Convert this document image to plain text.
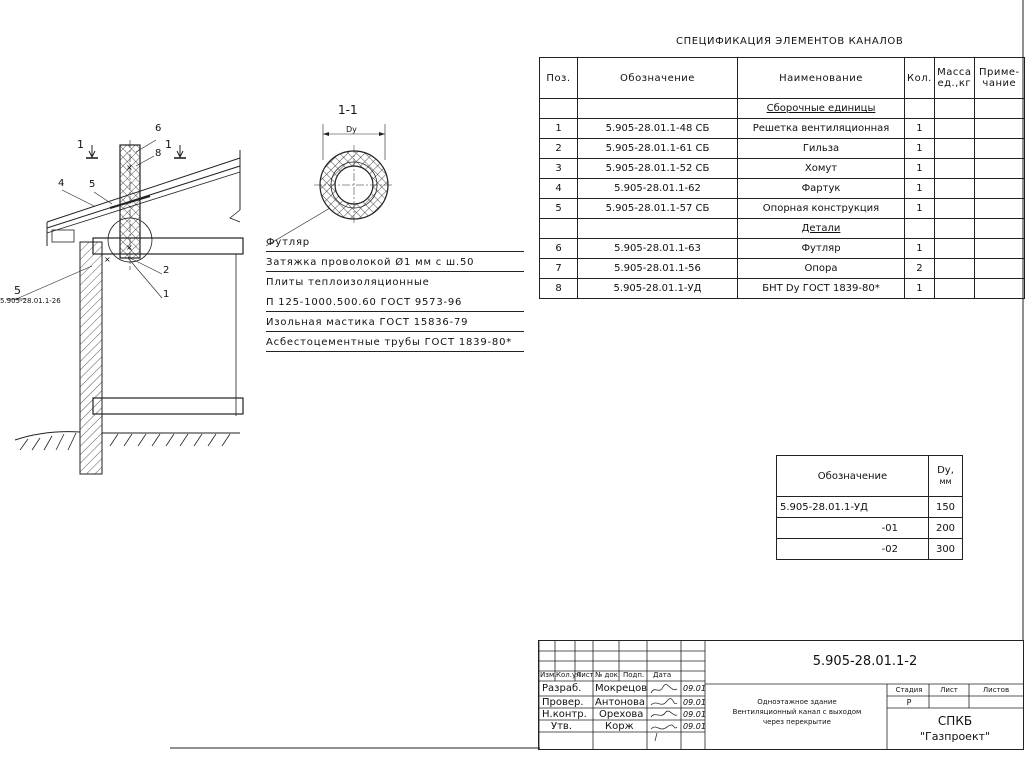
×
×
×
1-1
Dy
6
8
4 5
2
1
1	1
5
5.905-28.01.1-26
Футляр
Затяжка проволокой Ø1 мм с ш.50
Плиты теплоизоляционные
П 125-1000.500.60 ГОСТ 9573-96
Изольная мастика ГОСТ 15836-79
Асбестоцементные трубы ГОСТ 1839-80*
СПЕЦИФИКАЦИЯ ЭЛЕМЕНТОВ КАНАЛОВ
Поз.	Обозначение	Наименование	Кол.	Масса
ед.,кг	Приме-
чание
		Сборочные единицы			
1	5.905-28.01.1-48 СБ	Решетка вентиляционная	1		
2	5.905-28.01.1-61 СБ	Гильза	1		
3	5.905-28.01.1-52 СБ	Хомут	1		
4	5.905-28.01.1-62	Фартук	1		
5	5.905-28.01.1-57 СБ	Опорная конструкция	1		
		Детали			
6	5.905-28.01.1-63	Футляр	1		
7	5.905-28.01.1-56	Опора	2		
8	5.905-28.01.1-УД	БНТ Dy ГОСТ 1839-80*	1		
Обозначение	Dy,
мм
5.905-28.01.1-УД	150
-01	200
-02	300
5.905-28.01.1-2
Изм. Кол.уч
Лист № док. Подп. Дата
Разраб. Мокрецов	09.01
Провер. Антонова	09.01
Н.контр. Орехова	09.01
Утв.	Корж	09.01
Одноэтажное здание
Вентиляционный канал с выходом
через перекрытие
Стадия	Лист	Листов
Р
СПКБ
"Газпроект"
